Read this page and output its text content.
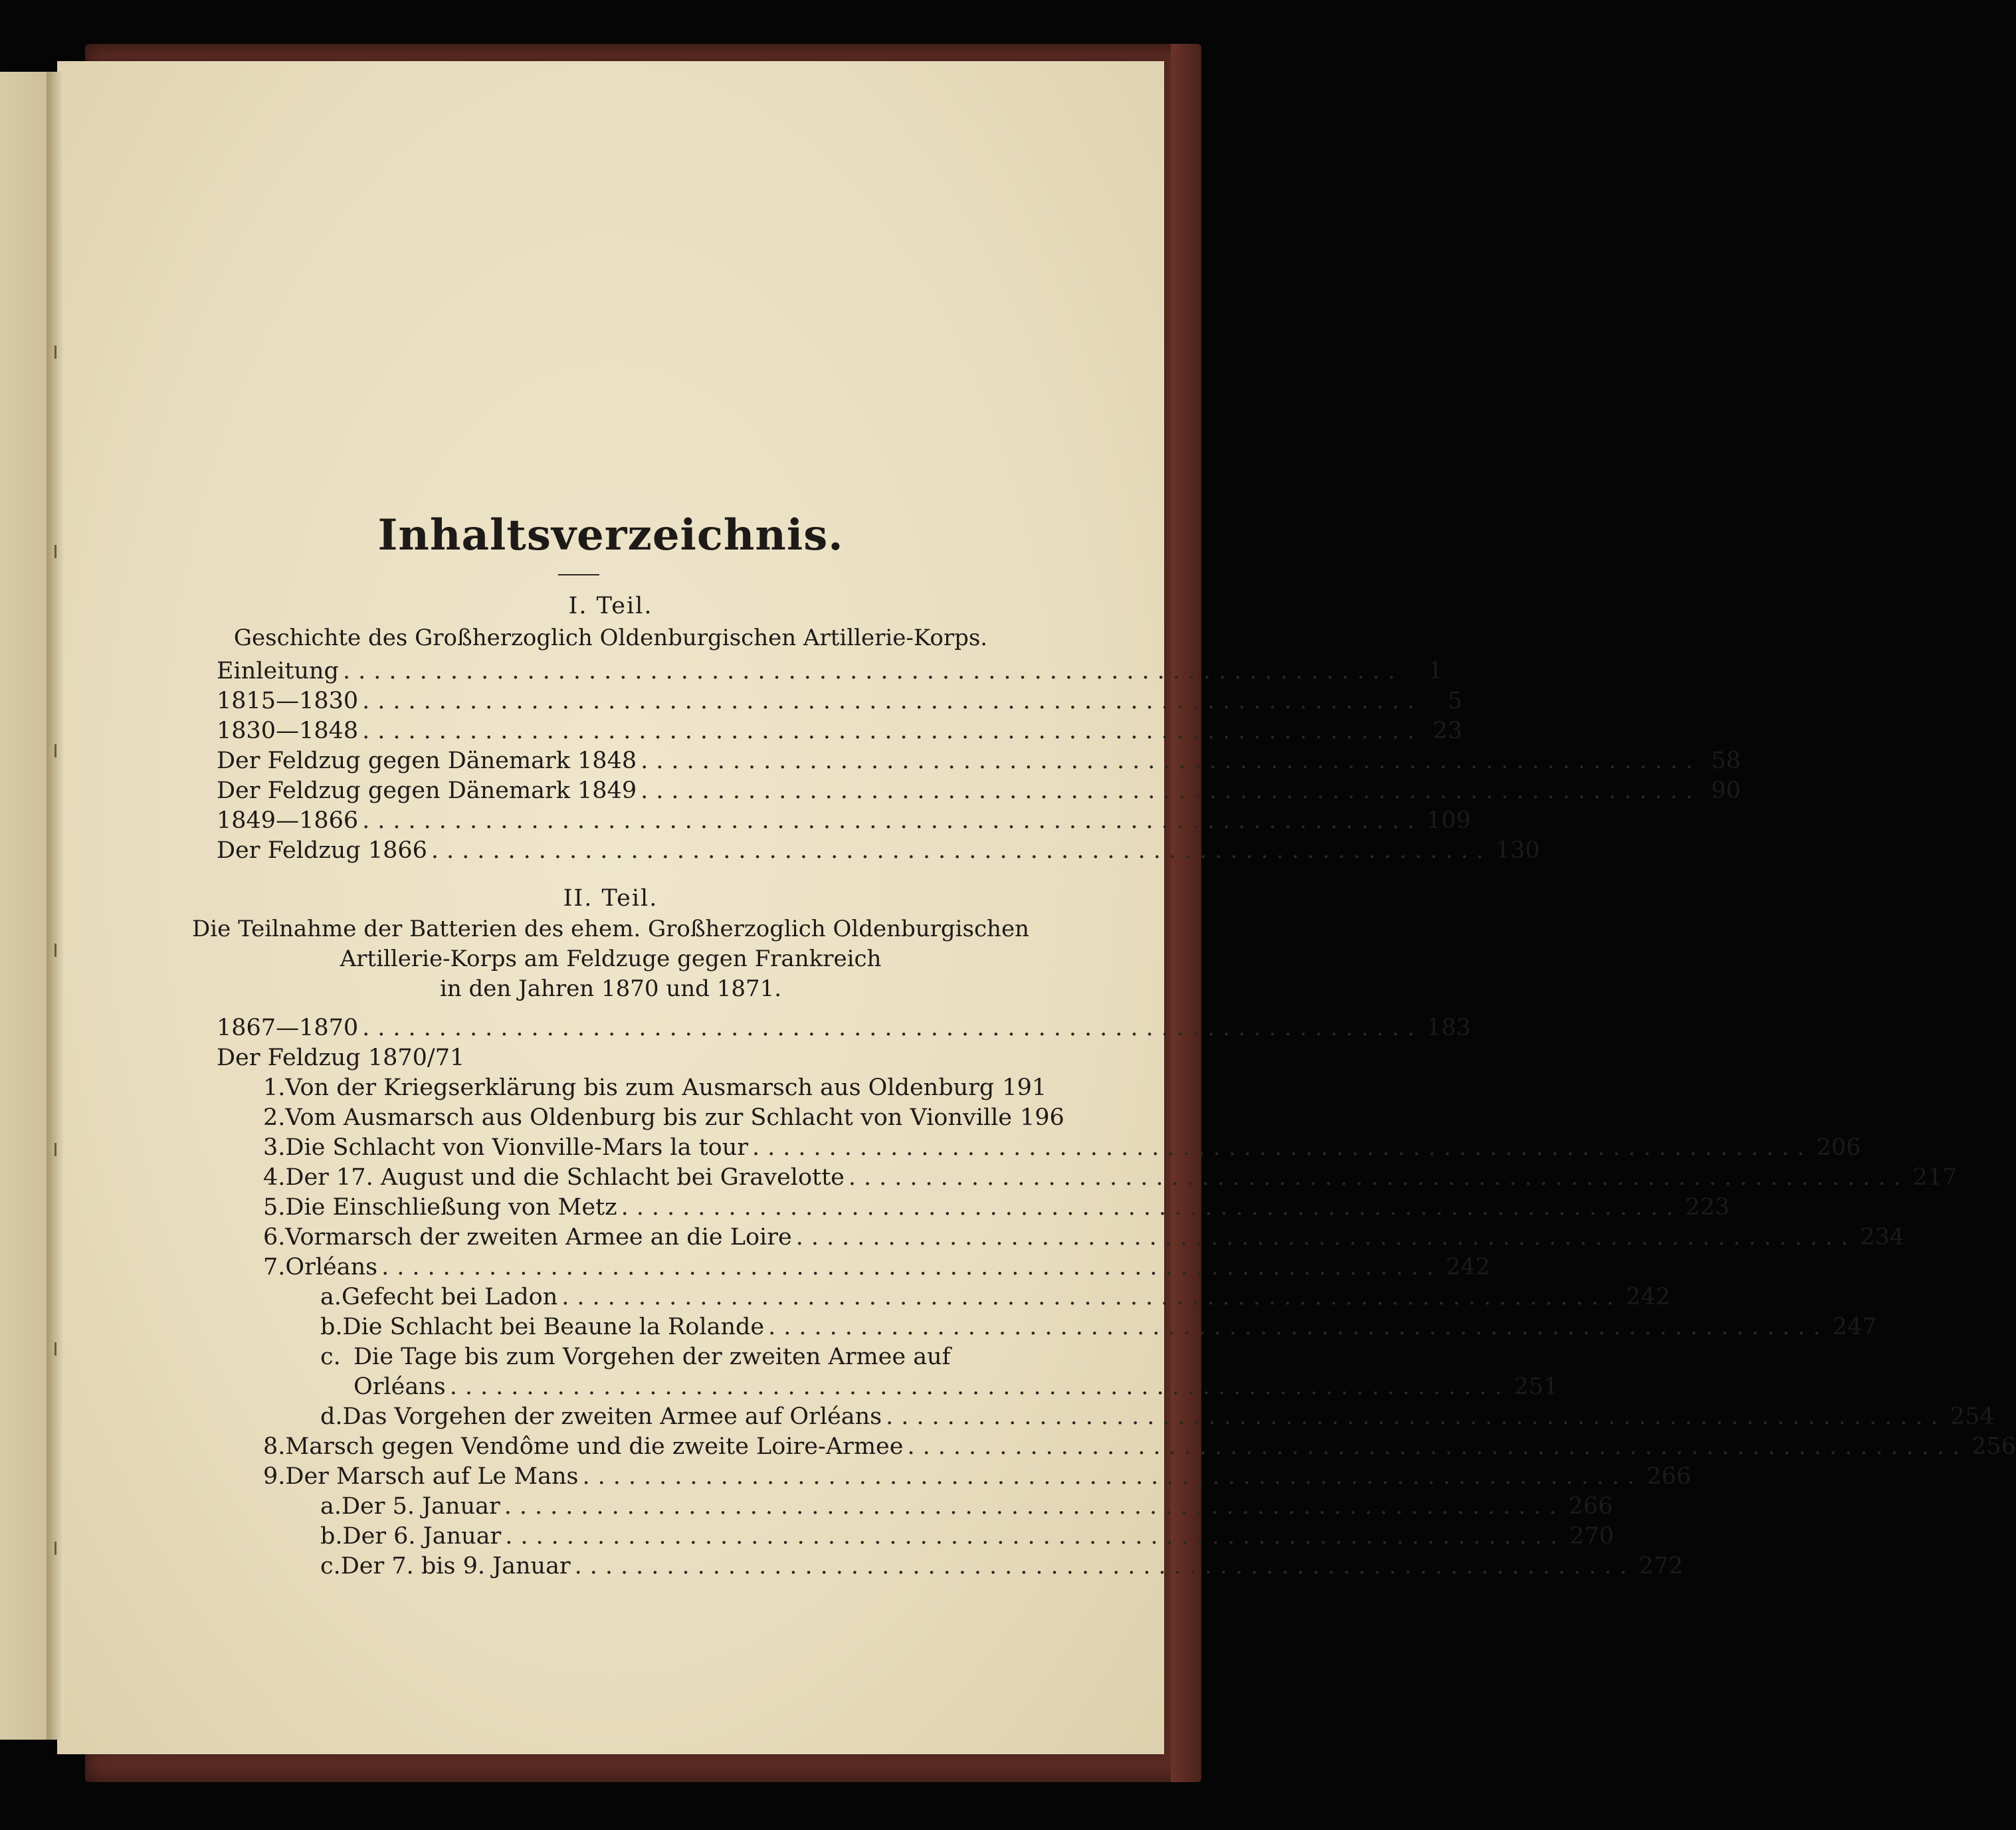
Inhaltsverzeichnis.
I. Teil.
Geschichte des Großherzoglich Oldenburgischen Artillerie-Korps.
Einleitung .....................................................................	1
1815—1830 .....................................................................	5
1830—1848 ..................................................................... 23
Der Feldzug gegen Dänemark 1848 ..................................................................... 58
Der Feldzug gegen Dänemark 1849 ..................................................................... 90
1849—1866 ..................................................................... 109
Der Feldzug 1866 ..................................................................... 130
II. Teil.
Die Teilnahme der Batterien des ehem. Großherzoglich Oldenburgischen
Artillerie-Korps am Feldzuge gegen Frankreich
in den Jahren 1870 und 1871.
1867—1870 ..................................................................... 183
Der Feldzug 1870/71
1. Von der Kriegserklärung bis zum Ausmarsch aus Oldenburg 191
2. Vom Ausmarsch aus Oldenburg bis zur Schlacht von Vionville 196
3. Die Schlacht von Vionville-Mars la tour ..................................................................... 206
4. Der 17. August und die Schlacht bei Gravelotte ..................................................................... 217
5. Die Einschließung von Metz ..................................................................... 223
6. Vormarsch der zweiten Armee an die Loire ..................................................................... 234
7. Orléans ..................................................................... 242
a. Gefecht bei Ladon ..................................................................... 242
b. Die Schlacht bei Beaune la Rolande ..................................................................... 247
c. Die Tage bis zum Vorgehen der zweiten Armee auf
Orléans ..................................................................... 251
d. Das Vorgehen der zweiten Armee auf Orléans ..................................................................... 254
8. Marsch gegen Vendôme und die zweite Loire-Armee ..................................................................... 256
9. Der Marsch auf Le Mans ..................................................................... 266
a. Der 5. Januar ..................................................................... 266
b. Der 6. Januar ..................................................................... 270
c. Der 7. bis 9. Januar ..................................................................... 272
